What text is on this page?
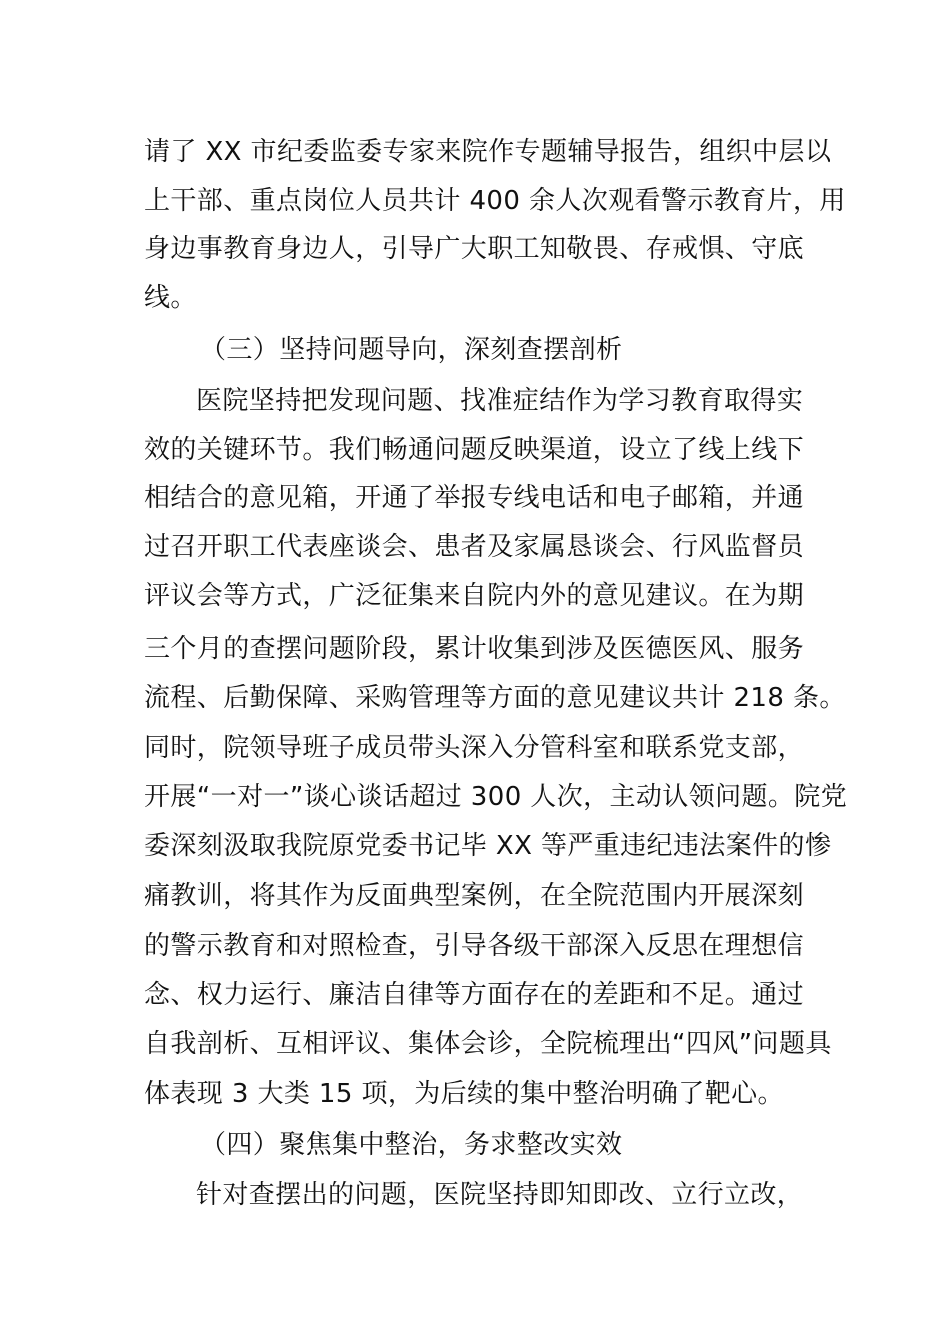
请了 XX 市纪委监委专家来院作专题辅导报告，组织中层以
上干部、重点岗位人员共计 400 余人次观看警示教育片，用
身边事教育身边人，引导广大职工知敬畏、存戒惧、守底
线。
（三）坚持问题导向，深刻查摆剖析
医院坚持把发现问题、找准症结作为学习教育取得实
效的关键环节。我们畅通问题反映渠道，设立了线上线下
相结合的意见箱，开通了举报专线电话和电子邮箱，并通
过召开职工代表座谈会、患者及家属恳谈会、行风监督员
评议会等方式，广泛征集来自院内外的意见建议。在为期
三个月的查摆问题阶段，累计收集到涉及医德医风、服务
流程、后勤保障、采购管理等方面的意见建议共计 218 条。
同时，院领导班子成员带头深入分管科室和联系党支部，
开展“一对一”谈心谈话超过 300 人次，主动认领问题。院党
委深刻汲取我院原党委书记毕 XX 等严重违纪违法案件的惨
痛教训，将其作为反面典型案例，在全院范围内开展深刻
的警示教育和对照检查，引导各级干部深入反思在理想信
念、权力运行、廉洁自律等方面存在的差距和不足。通过
自我剖析、互相评议、集体会诊，全院梳理出“四风”问题具
体表现 3 大类 15 项，为后续的集中整治明确了靶心。
（四）聚焦集中整治，务求整改实效
针对查摆出的问题，医院坚持即知即改、立行立改，
